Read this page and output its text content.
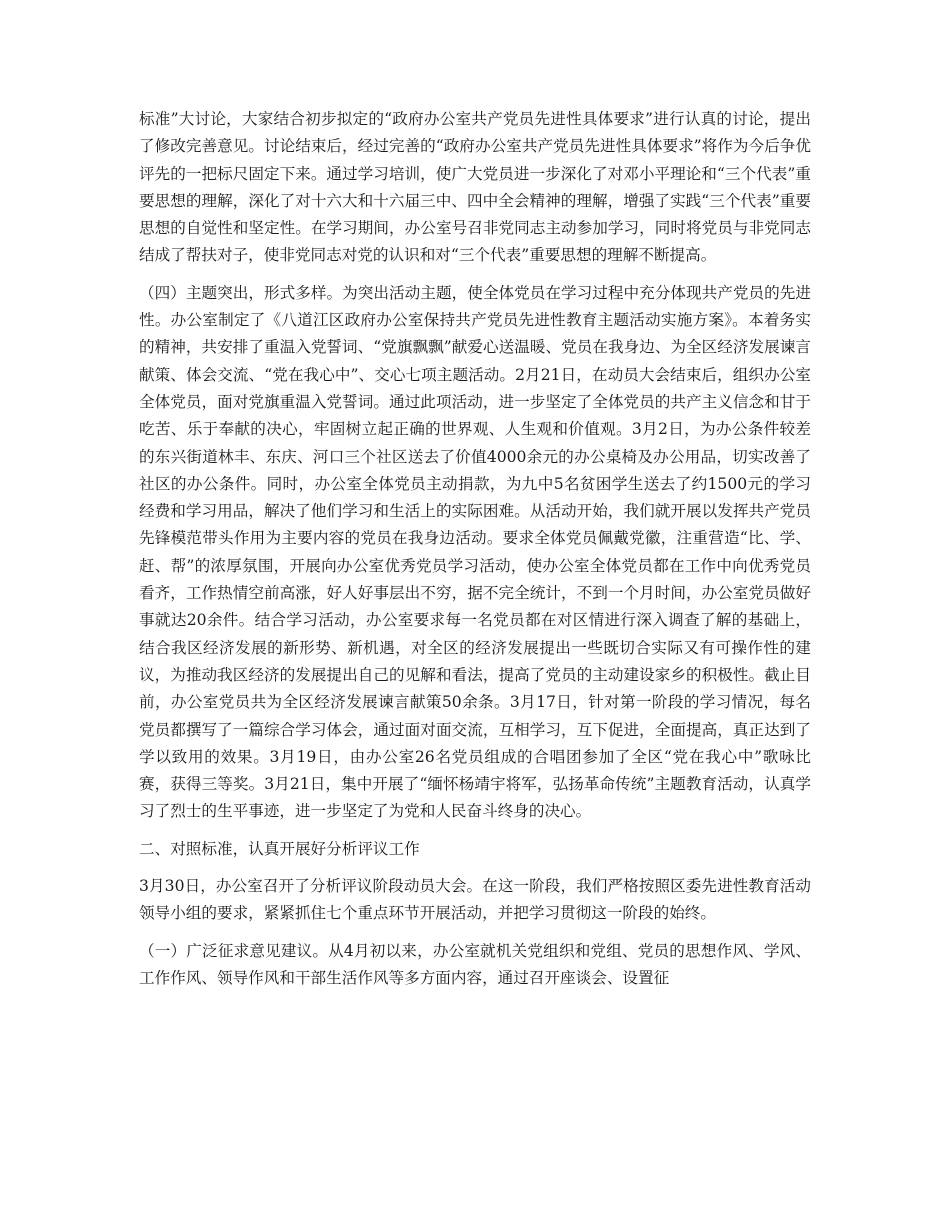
标准”大讨论，大家结合初步拟定的“政府办公室共产党员先进性具体要求”进行认真的讨论，提出了修改完善意见。讨论结束后，经过完善的“政府办公室共产党员先进性具体要求”将作为今后争优评先的一把标尺固定下来。通过学习培训，使广大党员进一步深化了对邓小平理论和“三个代表”重要思想的理解，深化了对十六大和十六届三中、四中全会精神的理解，增强了实践“三个代表”重要思想的自觉性和坚定性。在学习期间，办公室号召非党同志主动参加学习，同时将党员与非党同志结成了帮扶对子，使非党同志对党的认识和对“三个代表”重要思想的理解不断提高。

（四）主题突出，形式多样。为突出活动主题，使全体党员在学习过程中充分体现共产党员的先进性。办公室制定了《八道江区政府办公室保持共产党员先进性教育主题活动实施方案》。本着务实的精神，共安排了重温入党誓词、“党旗飘飘”献爱心送温暖、党员在我身边、为全区经济发展谏言献策、体会交流、“党在我心中”、交心七项主题活动。2月21日，在动员大会结束后，组织办公室全体党员，面对党旗重温入党誓词。通过此项活动，进一步坚定了全体党员的共产主义信念和甘于吃苦、乐于奉献的决心，牢固树立起正确的世界观、人生观和价值观。3月2日，为办公条件较差的东兴街道林丰、东庆、河口三个社区送去了价值4000余元的办公桌椅及办公用品，切实改善了社区的办公条件。同时，办公室全体党员主动捐款，为九中5名贫困学生送去了约1500元的学习经费和学习用品，解决了他们学习和生活上的实际困难。从活动开始，我们就开展以发挥共产党员先锋模范带头作用为主要内容的党员在我身边活动。要求全体党员佩戴党徽，注重营造“比、学、赶、帮”的浓厚氛围，开展向办公室优秀党员学习活动，使办公室全体党员都在工作中向优秀党员看齐，工作热情空前高涨，好人好事层出不穷，据不完全统计，不到一个月时间，办公室党员做好事就达20余件。结合学习活动，办公室要求每一名党员都在对区情进行深入调查了解的基础上，结合我区经济发展的新形势、新机遇，对全区的经济发展提出一些既切合实际又有可操作性的建议，为推动我区经济的发展提出自己的见解和看法，提高了党员的主动建设家乡的积极性。截止目前，办公室党员共为全区经济发展谏言献策50余条。3月17日，针对第一阶段的学习情况，每名党员都撰写了一篇综合学习体会，通过面对面交流，互相学习，互下促进，全面提高，真正达到了学以致用的效果。3月19日，由办公室26名党员组成的合唱团参加了全区“党在我心中”歌咏比赛，获得三等奖。3月21日，集中开展了“缅怀杨靖宇将军，弘扬革命传统”主题教育活动，认真学习了烈士的生平事迹，进一步坚定了为党和人民奋斗终身的决心。

二、对照标准，认真开展好分析评议工作

3月30日，办公室召开了分析评议阶段动员大会。在这一阶段，我们严格按照区委先进性教育活动领导小组的要求，紧紧抓住七个重点环节开展活动，并把学习贯彻这一阶段的始终。

（一）广泛征求意见建议。从4月初以来，办公室就机关党组织和党组、党员的思想作风、学风、工作作风、领导作风和干部生活作风等多方面内容，通过召开座谈会、设置征
